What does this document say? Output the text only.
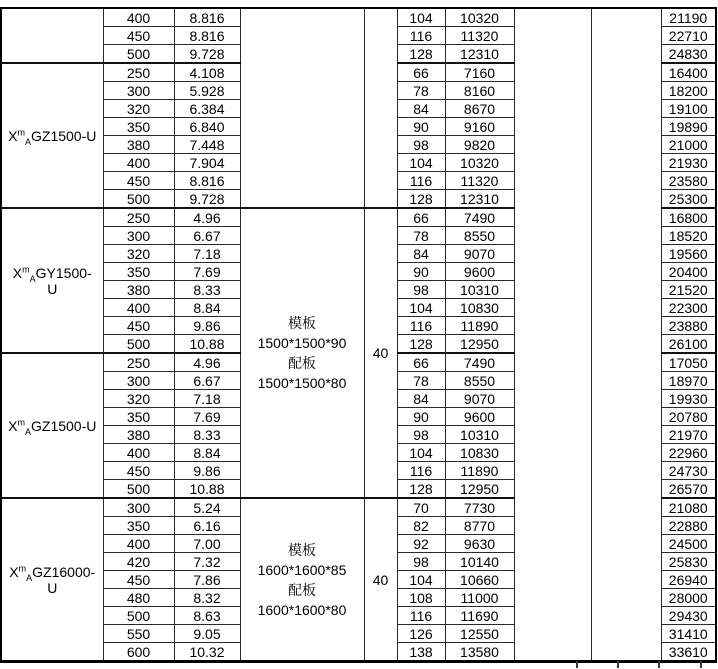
	400	8.816			104	10320			21190
	450	8.816			116	11320			22710
	500	9.728			128	12310			24830
$X^m_AGZ1500-U$	250	4.108			66	7160			16400
	300	5.928			78	8160			18200
	320	6.384			84	8670			19100
	350	6.840			90	9160			19890
	380	7.448			98	9820			21000
	400	7.904			104	10320			21930
	450	8.816			116	11320			23580
	500	9.728			128	12310			25300
$X^m_AGY1500-U$	250	4.96	模板
1500*1500*90
配板
1500*1500*80	40	66	7490			16800
	300	6.67			78	8550			18520
	320	7.18			84	9070			19560
	350	7.69			90	9600			20400
	380	8.33			98	10310			21520
	400	8.84			104	10830			22300
	450	9.86			116	11890			23880
	500	10.88			128	12950			26100
$X^m_AGZ1500-U$	250	4.96			66	7490			17050
	300	6.67			78	8550			18970
	320	7.18			84	9070			19930
	350	7.69			90	9600			20780
	380	8.33			98	10310			21970
	400	8.84			104	10830			22960
	450	9.86			116	11890			24730
	500	10.88			128	12950			26570
$X^m_AGZ16000-U$	300	5.24	模板
1600*1600*85
配板
1600*1600*80	40	70	7730			21080
	350	6.16			82	8770			22880
	400	7.00			92	9630			24500
	420	7.32			98	10140			25830
	450	7.86			104	10660			26940
	480	8.32			108	11000			28000
	500	8.63			116	11690			29430
	550	9.05			126	12550			31410
	600	10.32			138	13580			33610
